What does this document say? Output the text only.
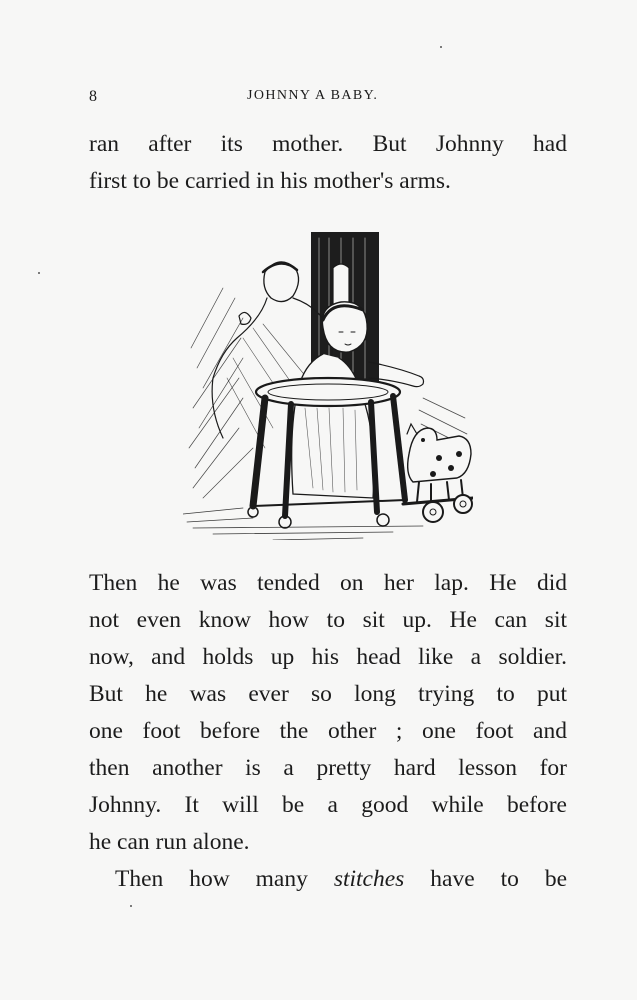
8	JOHNNY A BABY.
ran after its mother. But Johnny had
first to be carried in his mother's arms.
Then he was tended on her lap. He did
not even know how to sit up. He can sit
now, and holds up his head like a soldier.
But he was ever so long trying to put
one foot before the other ; one foot and
then another is a pretty hard lesson for
Johnny. It will be a good while before
he can run alone.
Then how many stitches have to be
